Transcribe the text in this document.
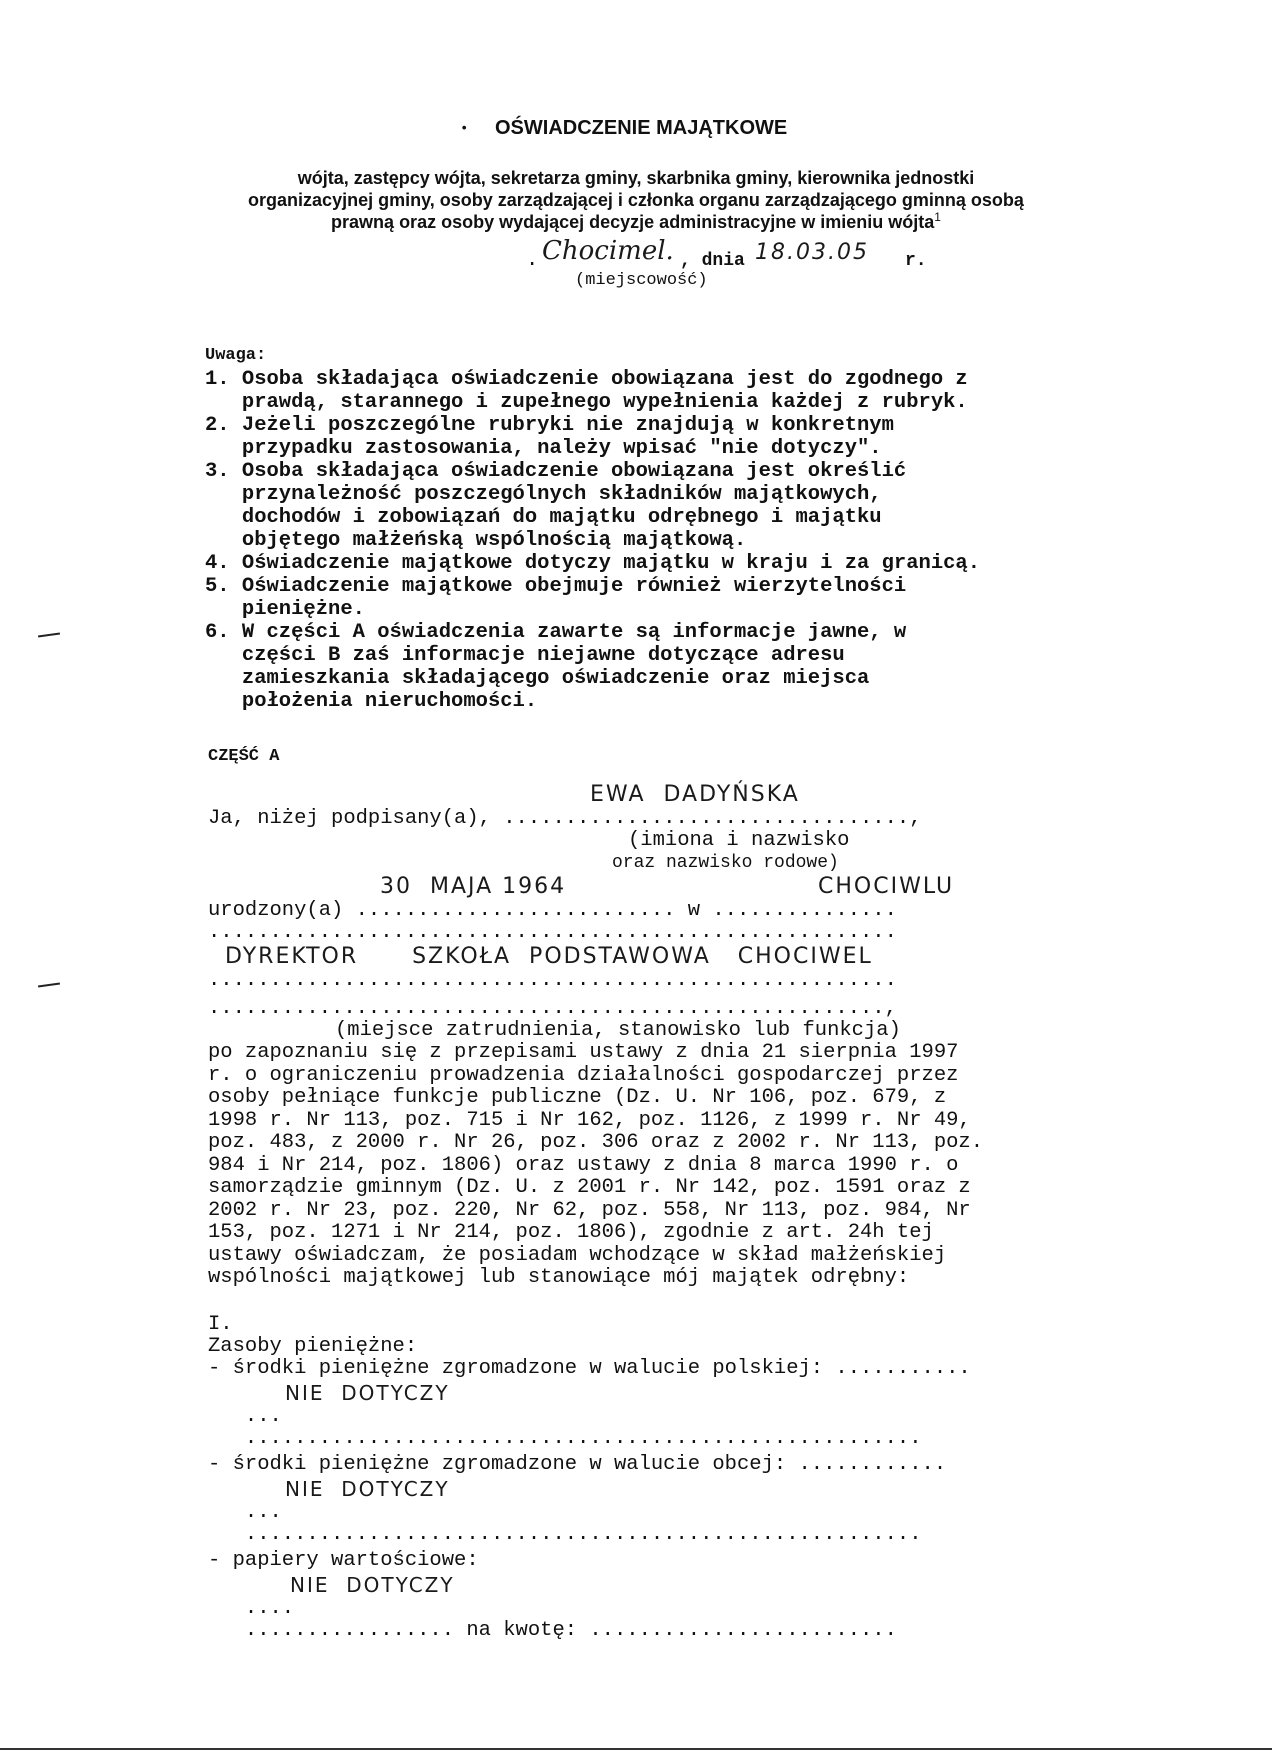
• OŚWIADCZENIE MAJĄTKOWE
wójta, zastępcy wójta, sekretarza gminy, skarbnika gminy, kierownika jednostki
organizacyjnej gminy, osoby zarządzającej i członka organu zarządzającego gminną osobą
prawną oraz osoby wydającej decyzje administracyjne w imieniu wójta$^1$
. Chocimel. , dnia 18.03.05 r.
(miejscowość)
Uwaga:
1. Osoba składająca oświadczenie obowiązana jest do zgodnego z
prawdą, starannego i zupełnego wypełnienia każdej z rubryk.
2. Jeżeli poszczególne rubryki nie znajdują w konkretnym
przypadku zastosowania, należy wpisać "nie dotyczy".
3. Osoba składająca oświadczenie obowiązana jest określić
przynależność poszczególnych składników majątkowych,
dochodów i zobowiązań do majątku odrębnego i majątku
objętego małżeńską wspólnością majątkową.
4. Oświadczenie majątkowe dotyczy majątku w kraju i za granicą.
5. Oświadczenie majątkowe obejmuje również wierzytelności
pieniężne.
6. W części A oświadczenia zawarte są informacje jawne, w
części B zaś informacje niejawne dotyczące adresu
zamieszkania składającego oświadczenie oraz miejsca
położenia nieruchomości.
CZĘŚĆ A
EWA  DADYŃSKA
Ja, niżej podpisany(a), .................................,
(imiona i nazwisko
oraz nazwisko rodowe)
30  MAJA 1964	CHOCIWLU
urodzony(a) .......................... w ...............
........................................................
DYREKTOR      SZKOŁA  PODSTAWOWA   CHOCIWEL
........................................................
.......................................................,
(miejsce zatrudnienia, stanowisko lub funkcja)
po zapoznaniu się z przepisami ustawy z dnia 21 sierpnia 1997
r. o ograniczeniu prowadzenia działalności gospodarczej przez
osoby pełniące funkcje publiczne (Dz. U. Nr 106, poz. 679, z
1998 r. Nr 113, poz. 715 i Nr 162, poz. 1126, z 1999 r. Nr 49,
poz. 483, z 2000 r. Nr 26, poz. 306 oraz z 2002 r. Nr 113, poz.
984 i Nr 214, poz. 1806) oraz ustawy z dnia 8 marca 1990 r. o
samorządzie gminnym (Dz. U. z 2001 r. Nr 142, poz. 1591 oraz z
2002 r. Nr 23, poz. 220, Nr 62, poz. 558, Nr 113, poz. 984, Nr
153, poz. 1271 i Nr 214, poz. 1806), zgodnie z art. 24h tej
ustawy oświadczam, że posiadam wchodzące w skład małżeńskiej
wspólności majątkowej lub stanowiące mój majątek odrębny:
I.
Zasoby pieniężne:
- środki pieniężne zgromadzone w walucie polskiej: ...........
NIE  DOTYCZY
...
.......................................................
- środki pieniężne zgromadzone w walucie obcej: ............
NIE  DOTYCZY
...
.......................................................
- papiery wartościowe:
NIE  DOTYCZY
....
................. na kwotę: .........................
